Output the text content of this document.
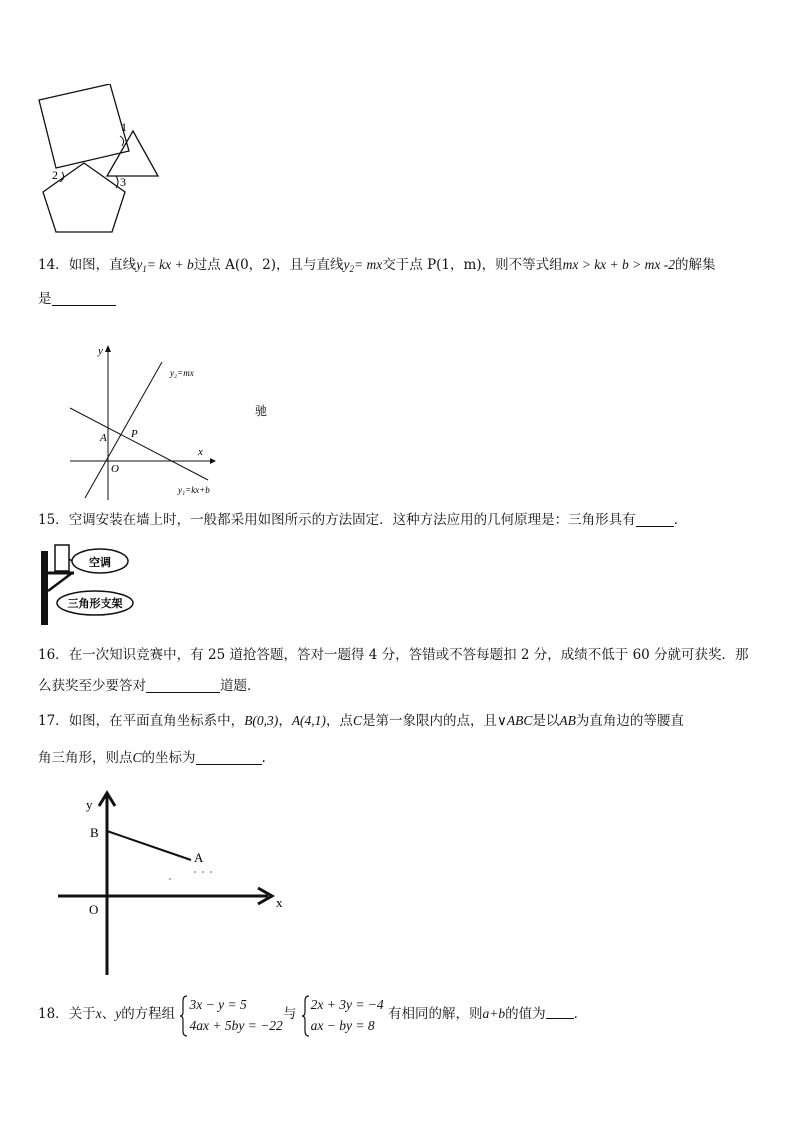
1
2	3
14．如图，直线$y_1=$ kx + b过点 A(0，2)，且与直线$y_2=$ mx交于点 P(1，m)，则不等式组mx > kx + b > mx -2的解集
是
y
x
O
A P
y₂=mx
y₁=kx+b
驰
15．空调安装在墙上时，一般都采用如图所示的方法固定．这种方法应用的几何原理是：三角形具有	．
空调
三角形支架
16．在一次知识竞赛中，有 25 道抢答题，答对一题得 4 分，答错或不答每题扣 2 分，成绩不低于 60 分就可获奖．那
么获奖至少要答对	道题．
17．如图，在平面直角坐标系中，B(0,3)，A(4,1)，点C是第一象限内的点，且∨ABC是以AB为直角边的等腰直
角三角形，则点C的坐标为	.
y
x
O
B
A
18．关于x、y的方程组
3x − y = 5
4ax + 5by = −22
与
2x + 3y = −4
ax − by = 8
有相同的解，则a+b的值为 ．
